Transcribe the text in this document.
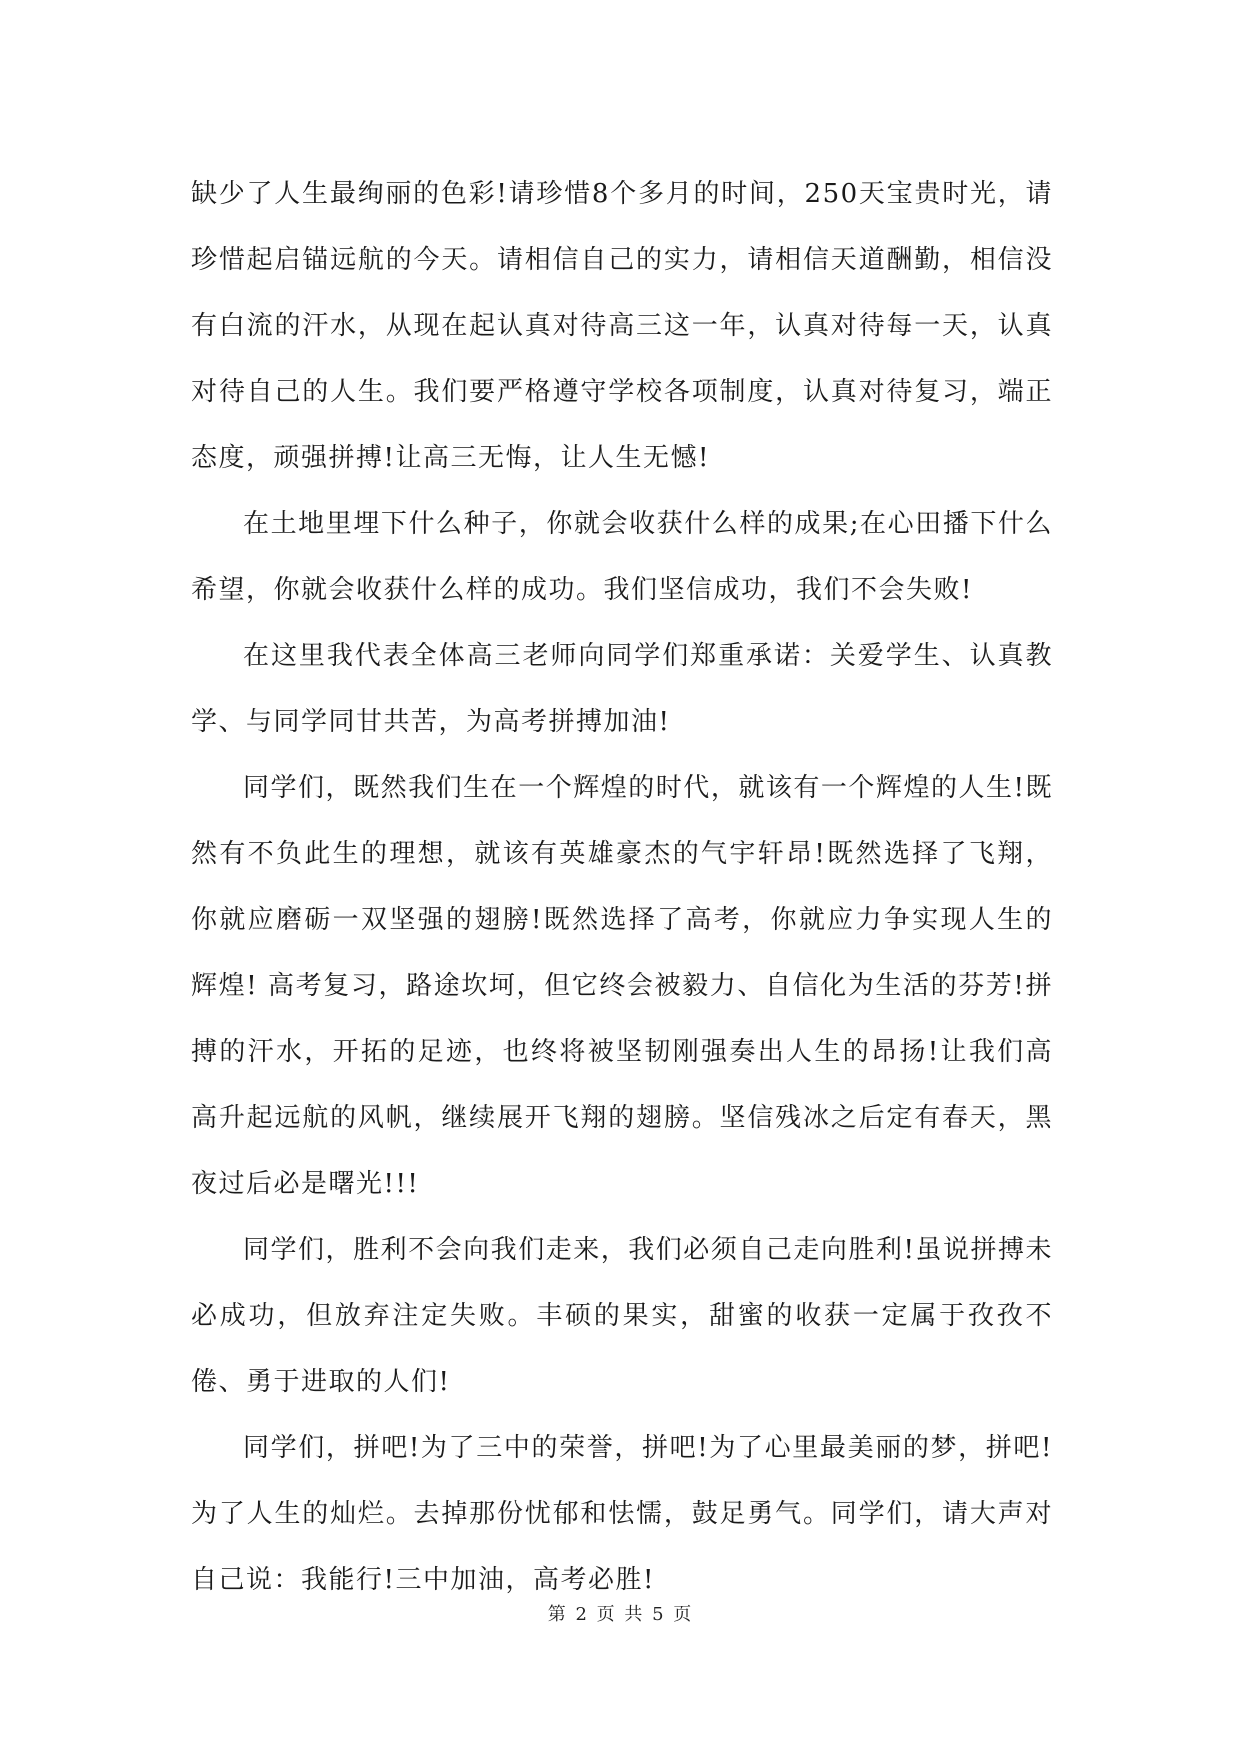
缺少了人生最绚丽的色彩!请珍惜8个多月的时间，250天宝贵时光，请珍惜起启锚远航的今天。请相信自己的实力，请相信天道酬勤，相信没有白流的汗水，从现在起认真对待高三这一年，认真对待每一天，认真对待自己的人生。我们要严格遵守学校各项制度，认真对待复习，端正态度，顽强拼搏!让高三无悔，让人生无憾!

在土地里埋下什么种子，你就会收获什么样的成果;在心田播下什么希望，你就会收获什么样的成功。我们坚信成功，我们不会失败!

在这里我代表全体高三老师向同学们郑重承诺：关爱学生、认真教学、与同学同甘共苦，为高考拼搏加油!

同学们，既然我们生在一个辉煌的时代，就该有一个辉煌的人生!既然有不负此生的理想，就该有英雄豪杰的气宇轩昂!既然选择了飞翔，你就应磨砺一双坚强的翅膀!既然选择了高考，你就应力争实现人生的辉煌! 高考复习，路途坎坷，但它终会被毅力、自信化为生活的芬芳!拼搏的汗水，开拓的足迹，也终将被坚韧刚强奏出人生的昂扬!让我们高高升起远航的风帆，继续展开飞翔的翅膀。坚信残冰之后定有春天，黑夜过后必是曙光!!!

同学们，胜利不会向我们走来，我们必须自己走向胜利!虽说拼搏未必成功，但放弃注定失败。丰硕的果实，甜蜜的收获一定属于孜孜不倦、勇于进取的人们!

同学们，拼吧!为了三中的荣誉，拼吧!为了心里最美丽的梦，拼吧!为了人生的灿烂。去掉那份忧郁和怯懦，鼓足勇气。同学们，请大声对自己说：我能行!三中加油，高考必胜!

第 2 页 共 5 页
